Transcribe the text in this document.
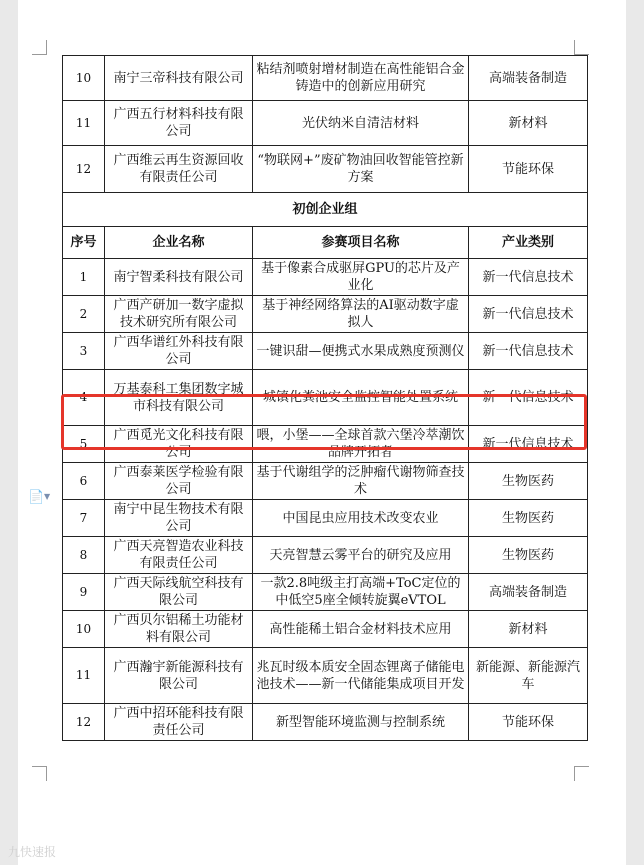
10	南宁三帝科技有限公司	粘结剂喷射增材制造在高性能铝合金铸造中的创新应用研究	高端装备制造
11	广西五行材料科技有限公司	光伏纳米自清洁材料	新材料
12	广西维云再生资源回收有限责任公司	“物联网+”废矿物油回收智能管控新方案	节能环保
初创企业组			
序号	企业名称	参赛项目名称	产业类别
1	南宁智柔科技有限公司	基于像素合成驱屏GPU的芯片及产业化	新一代信息技术
2	广西产研加一数字虚拟技术研究所有限公司	基于神经网络算法的AI驱动数字虚拟人	新一代信息技术
3	广西华谱红外科技有限公司	一键识甜—便携式水果成熟度预测仪	新一代信息技术
4	万基泰科工集团数字城市科技有限公司	城镇化粪池安全监控智能处置系统	新一代信息技术
5	广西觅光文化科技有限公司	喂，小堡——全球首款六堡冷萃潮饮品牌开拓者	新一代信息技术
6	广西泰莱医学检验有限公司	基于代谢组学的泛肿瘤代谢物筛查技术	生物医药
7	南宁中昆生物技术有限公司	中国昆虫应用技术改变农业	生物医药
8	广西天亮智造农业科技有限责任公司	天亮智慧云雾平台的研究及应用	生物医药
9	广西天际线航空科技有限公司	一款2.8吨级主打高端+ToC定位的中低空5座全倾转旋翼eVTOL	高端装备制造
10	广西贝尔铝稀土功能材料有限公司	高性能稀土铝合金材料技术应用	新材料
11	广西瀚宇新能源科技有限公司	兆瓦时级本质安全固态锂离子储能电池技术——新一代储能集成项目开发	新能源、新能源汽车
12	广西中招环能科技有限责任公司	新型智能环境监测与控制系统	节能环保
📄 ▼
九快速报
